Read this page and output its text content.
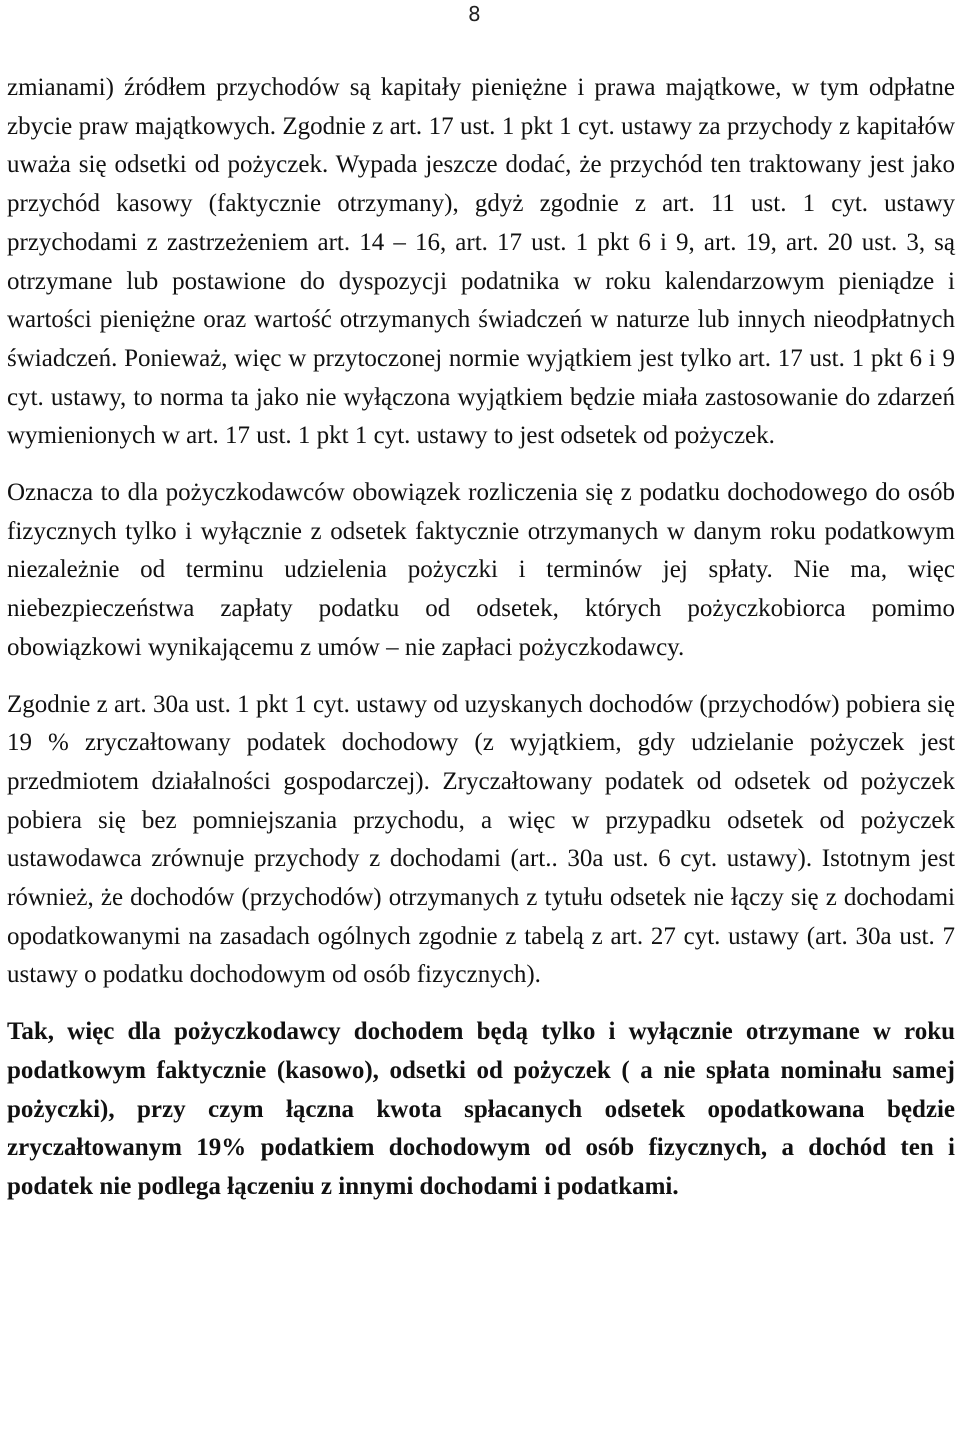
8

zmianami) źródłem przychodów są kapitały pieniężne i prawa majątkowe, w tym odpłatne zbycie praw majątkowych. Zgodnie z art. 17 ust. 1 pkt 1 cyt. ustawy za przychody z kapitałów uważa się odsetki od pożyczek. Wypada jeszcze dodać, że przychód ten traktowany jest jako przychód kasowy (faktycznie otrzymany), gdyż zgodnie z art. 11 ust. 1 cyt. ustawy przychodami z zastrzeżeniem art. 14 – 16, art. 17 ust. 1 pkt 6 i 9, art. 19, art. 20 ust. 3, są otrzymane lub postawione do dyspozycji podatnika w roku kalendarzowym pieniądze i wartości pieniężne oraz wartość otrzymanych świadczeń w naturze lub innych nieodpłatnych świadczeń. Ponieważ, więc w przytoczonej normie wyjątkiem jest tylko art. 17 ust. 1 pkt 6 i 9 cyt. ustawy, to norma ta jako nie wyłączona wyjątkiem będzie miała zastosowanie do zdarzeń wymienionych w art. 17 ust. 1 pkt 1 cyt. ustawy to jest odsetek od pożyczek.

Oznacza to dla pożyczkodawców obowiązek rozliczenia się z podatku dochodowego do osób fizycznych tylko i wyłącznie z odsetek faktycznie otrzymanych w danym roku podatkowym niezależnie od terminu udzielenia pożyczki i terminów jej spłaty. Nie ma, więc niebezpieczeństwa zapłaty podatku od odsetek, których pożyczkobiorca pomimo obowiązkowi wynikającemu z umów – nie zapłaci pożyczkodawcy.

Zgodnie z art. 30a ust. 1 pkt 1 cyt. ustawy od uzyskanych dochodów (przychodów) pobiera się 19 % zryczałtowany podatek dochodowy (z wyjątkiem, gdy udzielanie pożyczek jest przedmiotem działalności gospodarczej). Zryczałtowany podatek od odsetek od pożyczek pobiera się bez pomniejszania przychodu, a więc w przypadku odsetek od pożyczek ustawodawca zrównuje przychody z dochodami (art.. 30a ust. 6 cyt. ustawy). Istotnym jest również, że dochodów (przychodów) otrzymanych z tytułu odsetek nie łączy się z dochodami opodatkowanymi na zasadach ogólnych zgodnie z tabelą z art. 27 cyt. ustawy (art. 30a ust. 7 ustawy o podatku dochodowym od osób fizycznych).

Tak, więc dla pożyczkodawcy dochodem będą tylko i wyłącznie otrzymane w roku podatkowym faktycznie (kasowo), odsetki od pożyczek ( a nie spłata nominału samej pożyczki), przy czym łączna kwota spłacanych odsetek opodatkowana będzie zryczałtowanym 19% podatkiem dochodowym od osób fizycznych, a dochód ten i podatek nie podlega łączeniu z innymi dochodami i podatkami.
